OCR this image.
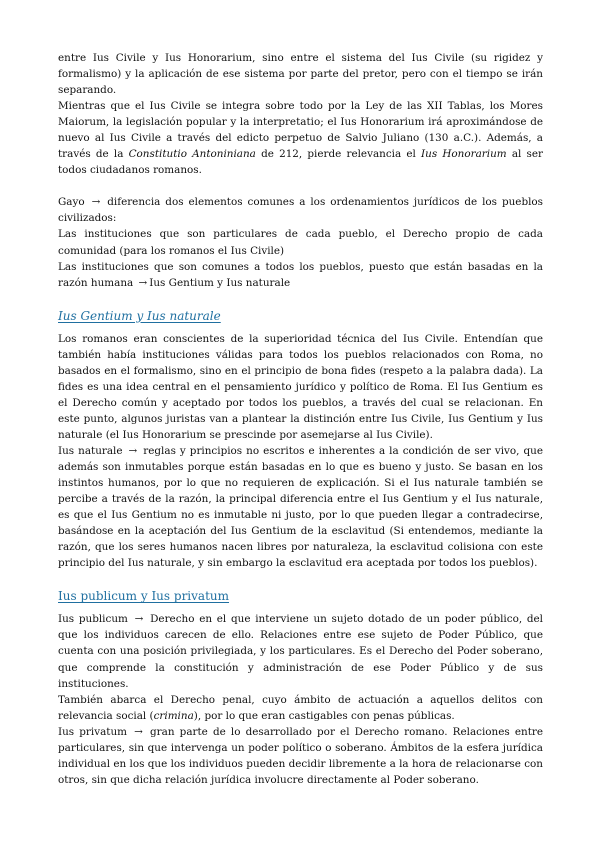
entre Ius Civile y Ius Honorarium, sino entre el sistema del Ius Civile (su rigidez y formalismo) y la aplicación de ese sistema por parte del pretor, pero con el tiempo se irán separando.

Mientras que el Ius Civile se integra sobre todo por la Ley de las XII Tablas, los Mores Maiorum, la legislación popular y la interpretatio; el Ius Honorarium irá aproximándose de nuevo al Ius Civile a través del edicto perpetuo de Salvio Juliano (130 a.C.). Además, a través de la Constitutio Antoniniana de 212, pierde relevancia el Ius Honorarium al ser todos ciudadanos romanos.

Gayo → diferencia dos elementos comunes a los ordenamientos jurídicos de los pueblos civilizados:

Las instituciones que son particulares de cada pueblo, el Derecho propio de cada comunidad (para los romanos el Ius Civile)

Las instituciones que son comunes a todos los pueblos, puesto que están basadas en la razón humana → Ius Gentium y Ius naturale

Ius Gentium y Ius naturale

Los romanos eran conscientes de la superioridad técnica del Ius Civile. Entendían que también había instituciones válidas para todos los pueblos relacionados con Roma, no basados en el formalismo, sino en el principio de bona fides (respeto a la palabra dada). La fides es una idea central en el pensamiento jurídico y político de Roma. El Ius Gentium es el Derecho común y aceptado por todos los pueblos, a través del cual se relacionan. En este punto, algunos juristas van a plantear la distinción entre Ius Civile, Ius Gentium y Ius naturale (el Ius Honorarium se prescinde por asemejarse al Ius Civile).

Ius naturale → reglas y principios no escritos e inherentes a la condición de ser vivo, que además son inmutables porque están basadas en lo que es bueno y justo. Se basan en los instintos humanos, por lo que no requieren de explicación. Si el Ius naturale también se percibe a través de la razón, la principal diferencia entre el Ius Gentium y el Ius naturale, es que el Ius Gentium no es inmutable ni justo, por lo que pueden llegar a contradecirse, basándose en la aceptación del Ius Gentium de la esclavitud (Si entendemos, mediante la razón, que los seres humanos nacen libres por naturaleza, la esclavitud colisiona con este principio del Ius naturale, y sin embargo la esclavitud era aceptada por todos los pueblos).

Ius publicum y Ius privatum

Ius publicum → Derecho en el que interviene un sujeto dotado de un poder público, del que los individuos carecen de ello. Relaciones entre ese sujeto de Poder Público, que cuenta con una posición privilegiada, y los particulares. Es el Derecho del Poder soberano, que comprende la constitución y administración de ese Poder Público y de sus instituciones.

También abarca el Derecho penal, cuyo ámbito de actuación a aquellos delitos con relevancia social (crimina), por lo que eran castigables con penas públicas.

Ius privatum → gran parte de lo desarrollado por el Derecho romano. Relaciones entre particulares, sin que intervenga un poder político o soberano. Ámbitos de la esfera jurídica individual en los que los individuos pueden decidir libremente a la hora de relacionarse con otros, sin que dicha relación jurídica involucre directamente al Poder soberano.
